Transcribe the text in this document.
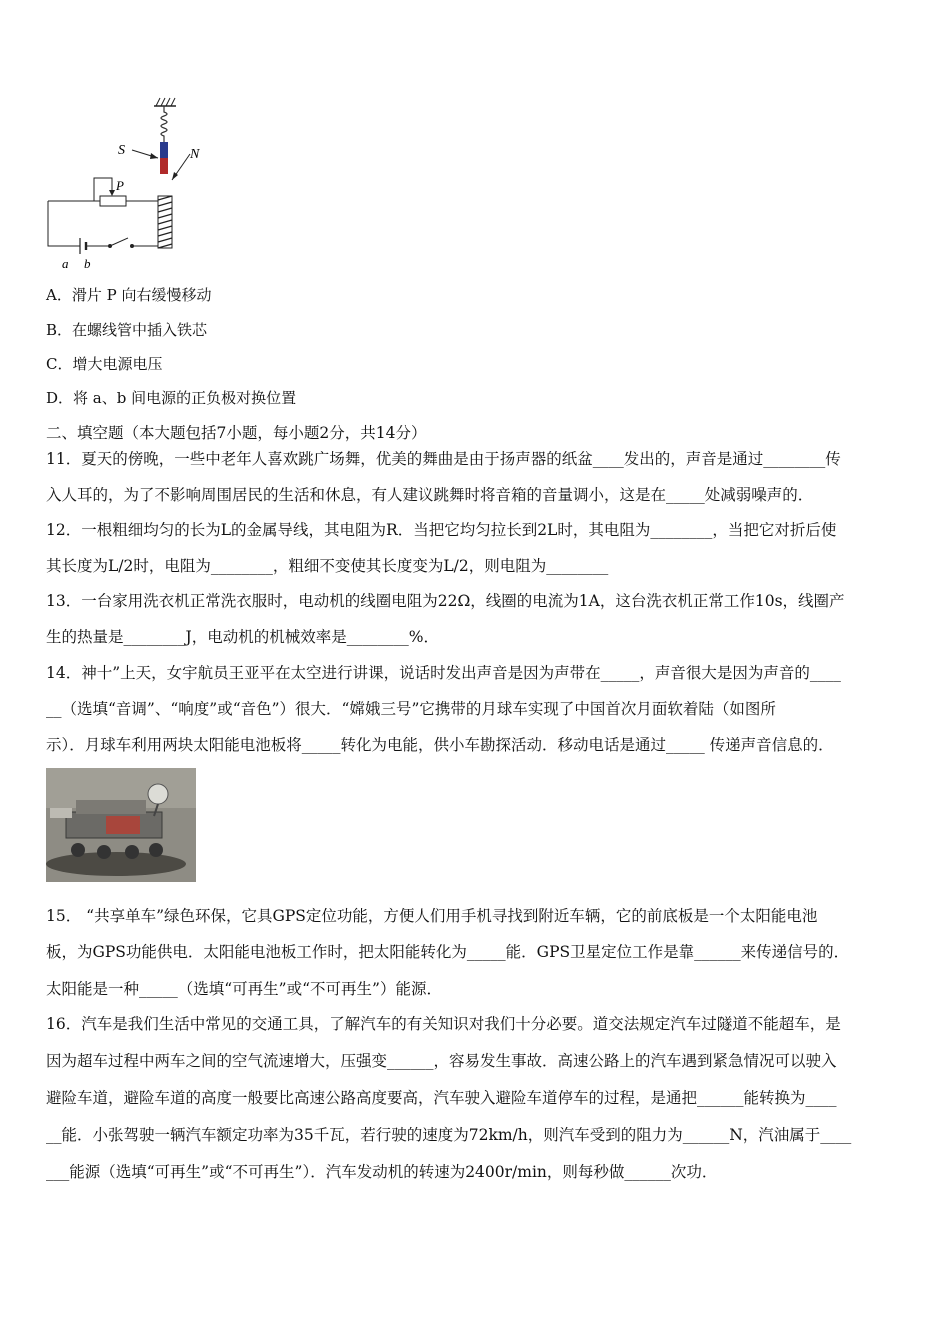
S	N
P
a b
A．滑片 P 向右缓慢移动
B．在螺线管中插入铁芯
C．增大电源电压
D．将 a、b 间电源的正负极对换位置
二、填空题（本大题包括7小题，每小题2分，共14分）
11．夏天的傍晚，一些中老年人喜欢跳广场舞，优美的舞曲是由于扬声器的纸盆____发出的，声音是通过________传
入人耳的，为了不影响周围居民的生活和休息，有人建议跳舞时将音箱的音量调小，这是在_____处减弱噪声的．
12．一根粗细均匀的长为L的金属导线，其电阻为R．当把它均匀拉长到2L时，其电阻为________，当把它对折后使
其长度为L/2时，电阻为________，粗细不变使其长度变为L/2，则电阻为________
13．一台家用洗衣机正常洗衣服时，电动机的线圈电阻为22Ω，线圈的电流为1A，这台洗衣机正常工作10s，线圈产
生的热量是________J，电动机的机械效率是________%．
14．神十”上天，女宇航员王亚平在太空进行讲课，说话时发出声音是因为声带在_____，声音很大是因为声音的____
__（选填“音调”、“响度”或“音色”）很大．“嫦娥三号”它携带的月球车实现了中国首次月面软着陆（如图所
示）．月球车利用两块太阳能电池板将_____转化为电能，供小车勘探活动．移动电话是通过_____ 传递声音信息的．
15． “共享单车”绿色环保，它具GPS定位功能，方便人们用手机寻找到附近车辆，它的前底板是一个太阳能电池
板，为GPS功能供电．太阳能电池板工作时，把太阳能转化为_____能．GPS卫星定位工作是靠______来传递信号的．
太阳能是一种_____（选填“可再生”或“不可再生”）能源．
16．汽车是我们生活中常见的交通工具，了解汽车的有关知识对我们十分必要。道交法规定汽车过隧道不能超车，是
因为超车过程中两车之间的空气流速增大，压强变______，容易发生事故．高速公路上的汽车遇到紧急情况可以驶入
避险车道，避险车道的高度一般要比高速公路高度要高，汽车驶入避险车道停车的过程，是通把______能转换为____
__能．小张驾驶一辆汽车额定功率为35千瓦，若行驶的速度为72km/h，则汽车受到的阻力为______N，汽油属于____
___能源（选填“可再生”或“不可再生”）．汽车发动机的转速为2400r/min，则每秒做______次功．
